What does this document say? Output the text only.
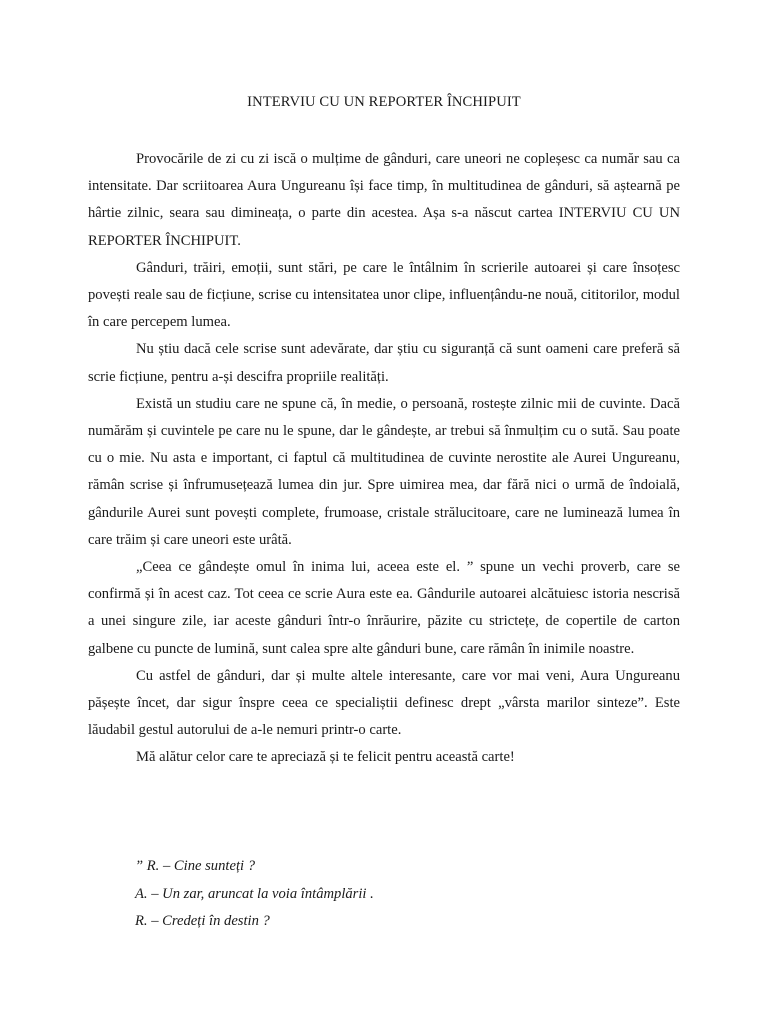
INTERVIU CU UN REPORTER ÎNCHIPUIT

Provocările de zi cu zi iscă o mulțime de gânduri, care uneori ne copleșesc ca număr sau ca intensitate. Dar scriitoarea Aura Ungureanu își face timp, în multitudinea de gânduri, să aștearnă pe hârtie zilnic, seara sau dimineața, o parte din acestea. Așa s-a născut cartea INTERVIU CU UN REPORTER ÎNCHIPUIT.

Gânduri, trăiri, emoții, sunt stări, pe care le întâlnim în scrierile autoarei și care însoțesc povești reale sau de ficțiune, scrise cu intensitatea unor clipe, influențându-ne nouă, cititorilor, modul în care percepem lumea.

Nu știu dacă cele scrise sunt adevărate, dar știu cu siguranță că sunt oameni care preferă să scrie ficțiune, pentru a-și descifra propriile realități.

Există un studiu care ne spune că, în medie, o persoană, rostește zilnic mii de cuvinte. Dacă numărăm și cuvintele pe care nu le spune, dar le gândește, ar trebui să înmulțim cu o sută. Sau poate cu o mie. Nu asta e important, ci faptul că multitudinea de cuvinte nerostite ale Aurei Ungureanu, rămân scrise și înfrumusețează lumea din jur. Spre uimirea mea, dar fără nici o urmă de îndoială, gândurile Aurei sunt povești complete, frumoase, cristale strălucitoare, care ne luminează lumea în care trăim și care uneori este urâtă.

„Ceea ce gândește omul în inima lui, aceea este el. ” spune un vechi proverb, care se confirmă și în acest caz. Tot ceea ce scrie Aura este ea. Gândurile autoarei alcătuiesc istoria nescrisă a unei singure zile, iar aceste gânduri într-o înrăurire, păzite cu strictețe, de copertile de carton galbene cu puncte de lumină, sunt calea spre alte gânduri bune, care rămân în inimile noastre.

Cu astfel de gânduri, dar și multe altele interesante, care vor mai veni, Aura Ungureanu pășește încet, dar sigur înspre ceea ce specialiștii definesc drept „vârsta marilor sinteze”. Este lăudabil gestul autorului de a-le nemuri printr-o carte.

Mă alătur celor care te apreciază și te felicit pentru această carte!

” R. – Cine sunteți ?
A. – Un zar, aruncat la voia întâmplării .
R. – Credeți în destin ?
